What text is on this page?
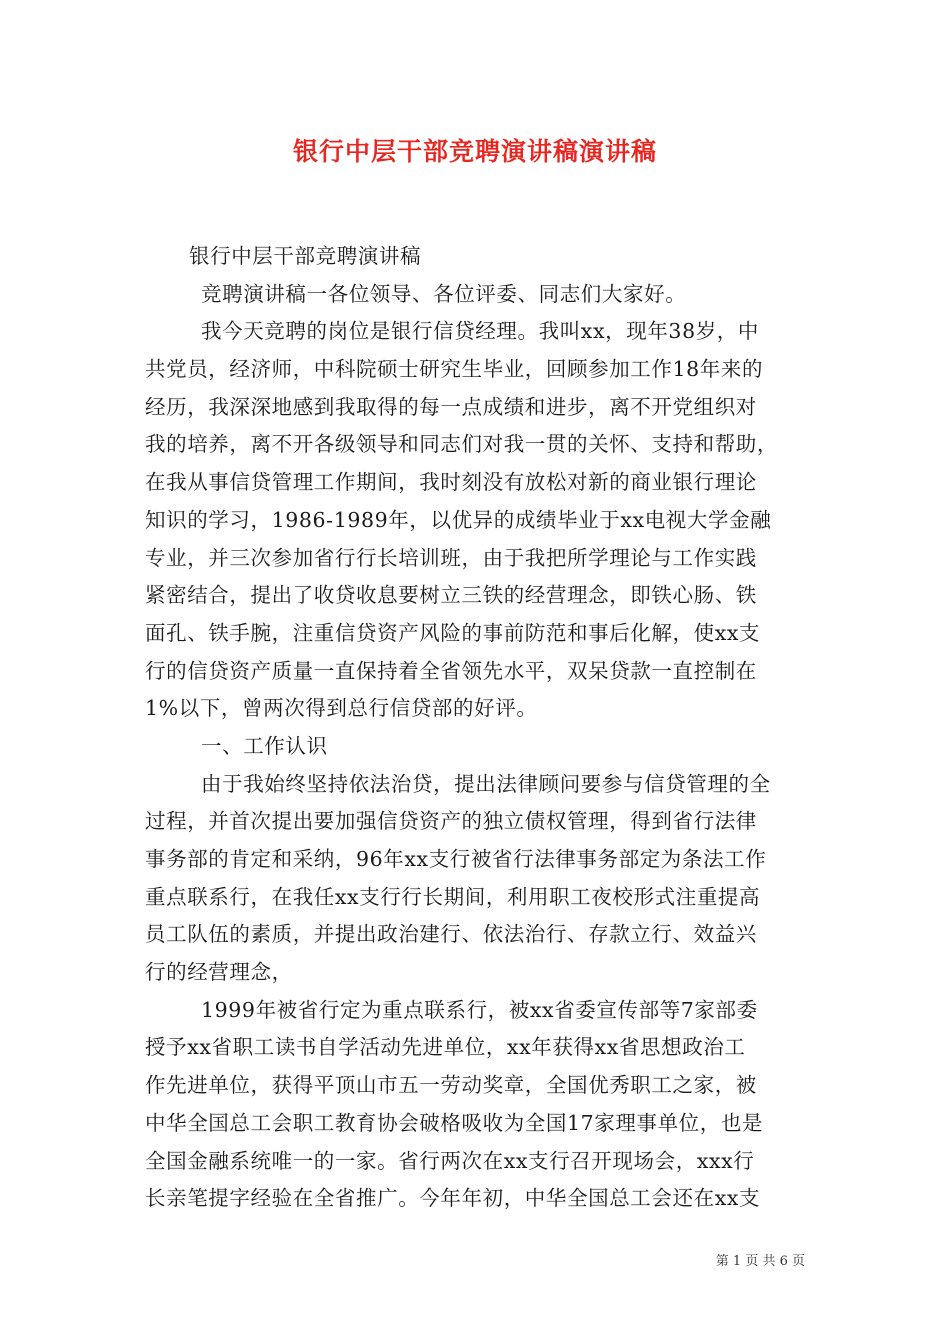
银行中层干部竞聘演讲稿演讲稿
银行中层干部竞聘演讲稿
竞聘演讲稿一各位领导、各位评委、同志们大家好。
我今天竞聘的岗位是银行信贷经理。我叫xx，现年38岁，中
共党员，经济师，中科院硕士研究生毕业，回顾参加工作18年来的
经历，我深深地感到我取得的每一点成绩和进步，离不开党组织对
我的培养，离不开各级领导和同志们对我一贯的关怀、支持和帮助，
在我从事信贷管理工作期间，我时刻没有放松对新的商业银行理论
知识的学习，1986-1989年，以优异的成绩毕业于xx电视大学金融
专业，并三次参加省行行长培训班，由于我把所学理论与工作实践
紧密结合，提出了收贷收息要树立三铁的经营理念，即铁心肠、铁
面孔、铁手腕，注重信贷资产风险的事前防范和事后化解，使xx支
行的信贷资产质量一直保持着全省领先水平，双呆贷款一直控制在
1%以下，曾两次得到总行信贷部的好评。
一、工作认识
由于我始终坚持依法治贷，提出法律顾问要参与信贷管理的全
过程，并首次提出要加强信贷资产的独立债权管理，得到省行法律
事务部的肯定和采纳，96年xx支行被省行法律事务部定为条法工作
重点联系行，在我任xx支行行长期间，利用职工夜校形式注重提高
员工队伍的素质，并提出政治建行、依法治行、存款立行、效益兴
行的经营理念，
1999年被省行定为重点联系行，被xx省委宣传部等7家部委
授予xx省职工读书自学活动先进单位，xx年获得xx省思想政治工
作先进单位，获得平顶山市五一劳动奖章，全国优秀职工之家，被
中华全国总工会职工教育协会破格吸收为全国17家理事单位，也是
全国金融系统唯一的一家。省行两次在xx支行召开现场会，xxx行
长亲笔提字经验在全省推广。今年年初，中华全国总工会还在xx支
第 1 页 共 6 页
